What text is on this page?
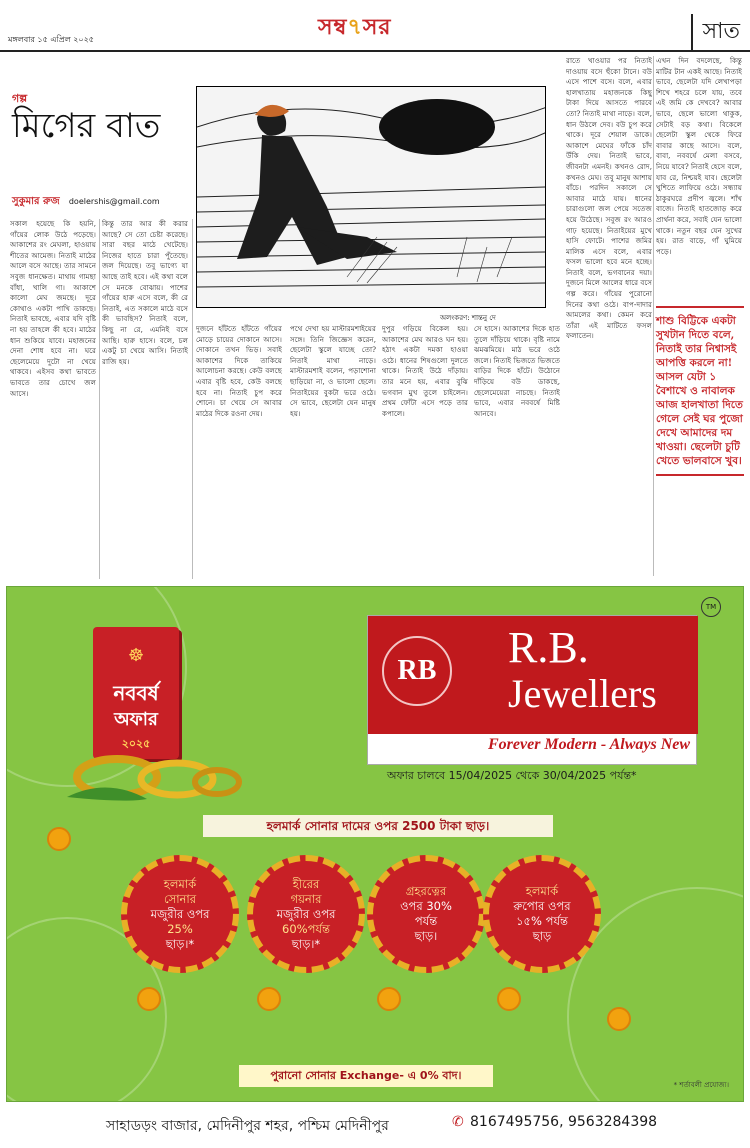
মঙ্গলবার ১৫ এপ্রিল ২০২৫	সম্ব৭সর	সাত
গল্প
মিগের বাত
সুকুমার রুজ doelershis@gmail.com
অলংকরণ: শান্তনু দে
সকাল হয়েছে কি হয়নি, গাঁয়ের লোক উঠে পড়েছে। আকাশের রং মেঘলা, হাওয়ায় শীতের আমেজ। নিতাই মাঠের আলে বসে আছে। তার সামনে সবুজ ধানক্ষেত। মাথায় গামছা বাঁধা, খালি গা। আকাশে কালো মেঘ জমছে। দূরে কোথাও একটা পাখি ডাকছে। নিতাই ভাবছে, এবার যদি বৃষ্টি না হয় তাহলে কী হবে। মাঠের ধান শুকিয়ে যাবে। মহাজনের দেনা শোধ হবে না। ঘরে ছেলেমেয়ে দুটো না খেয়ে থাকবে। এইসব কথা ভাবতে ভাবতে তার চোখে জল আসে।
কিন্তু তার আর কী করার আছে? সে তো চেষ্টা করেছে। সারা বছর মাঠে খেটেছে। নিজের হাতে চারা পুঁতেছে। জল দিয়েছে। তবু ভাগ্যে যা আছে তাই হবে। এই কথা বলে সে মনকে বোঝায়। পাশের গাঁয়ের হারু এসে বলে, কী রে নিতাই, এত সকালে মাঠে বসে কী ভাবছিস? নিতাই বলে, কিছু না রে, এমনিই বসে আছি। হারু হাসে। বলে, চল একটু চা খেয়ে আসি। নিতাই রাজি হয়।
দুজনে হাঁটতে হাঁটতে গাঁয়ের মোড়ে চায়ের দোকানে আসে। দোকানে তখন ভিড়। সবাই আকাশের দিকে তাকিয়ে আলোচনা করছে। কেউ বলছে এবার বৃষ্টি হবে, কেউ বলছে হবে না। নিতাই চুপ করে শোনে। চা খেয়ে সে আবার মাঠের দিকে রওনা দেয়।
পথে দেখা হয় মাস্টারমশাইয়ের সঙ্গে। তিনি জিজ্ঞেস করেন, ছেলেটা স্কুলে যাচ্ছে তো? নিতাই মাথা নাড়ে। মাস্টারমশাই বলেন, পড়াশোনা ছাড়িয়ো না, ও ভালো ছেলে। নিতাইয়ের বুকটা ভরে ওঠে। সে ভাবে, ছেলেটা যেন মানুষ হয়।
দুপুর গড়িয়ে বিকেল হয়। আকাশের মেঘ আরও ঘন হয়। হঠাৎ একটা দমকা হাওয়া ওঠে। ধানের শিষগুলো দুলতে থাকে। নিতাই উঠে দাঁড়ায়। তার মনে হয়, এবার বুঝি ভগবান মুখ তুলে চাইলেন। প্রথম ফোঁটা এসে পড়ে তার কপালে।
সে হাসে। আকাশের দিকে হাত তুলে দাঁড়িয়ে থাকে। বৃষ্টি নামে ঝমঝমিয়ে। মাঠ ভরে ওঠে জলে। নিতাই ভিজতে ভিজতে বাড়ির দিকে হাঁটে। উঠোনে দাঁড়িয়ে বউ ডাকছে, ছেলেমেয়েরা নাচছে। নিতাই ভাবে, এবার নববর্ষে মিষ্টি আনবে।
রাতে খাওয়ার পর নিতাই দাওয়ায় বসে হুঁকো টানে। বউ এসে পাশে বসে। বলে, এবার হালখাতায় মহাজনকে কিছু টাকা দিয়ে আসতে পারবে তো? নিতাই মাথা নাড়ে। বলে, ধান উঠলে দেব। বউ চুপ করে থাকে। দূরে শেয়াল ডাকে। আকাশে মেঘের ফাঁকে চাঁদ উঁকি দেয়। নিতাই ভাবে, জীবনটা এমনই। কখনও রোদ, কখনও মেঘ। তবু মানুষ আশায় বাঁচে। পরদিন সকালে সে আবার মাঠে যায়। ধানের চারাগুলো জল পেয়ে সতেজ হয়ে উঠেছে। সবুজ রং আরও গাঢ় হয়েছে। নিতাইয়ের মুখে হাসি ফোটে। পাশের জমির মালিক এসে বলে, এবার ফসল ভালো হবে মনে হচ্ছে। নিতাই বলে, ভগবানের দয়া। দুজনে মিলে আলের ধারে বসে গল্প করে। গাঁয়ের পুরোনো দিনের কথা ওঠে। বাপ-দাদার আমলের কথা। কেমন করে তাঁরা এই মাটিতে ফসল ফলাতেন।
এখন দিন বদলেছে, কিন্তু মাটির টান একই আছে। নিতাই ভাবে, ছেলেটা যদি লেখাপড়া শিখে শহরে চলে যায়, তবে এই জমি কে দেখবে? আবার ভাবে, ছেলে ভালো থাকুক, সেটাই বড় কথা। বিকেলে ছেলেটা স্কুল থেকে ফিরে বাবার কাছে আসে। বলে, বাবা, নববর্ষে মেলা বসবে, নিয়ে যাবে? নিতাই হেসে বলে, যাব রে, নিশ্চয়ই যাব। ছেলেটা খুশিতে লাফিয়ে ওঠে। সন্ধ্যায় ঠাকুরঘরে প্রদীপ জ্বলে। শাঁখ বাজে। নিতাই হাতজোড় করে প্রার্থনা করে, সবাই যেন ভালো থাকে। নতুন বছর যেন সুখের হয়। রাত বাড়ে, গাঁ ঘুমিয়ে পড়ে।
শাশু বিট্টিকে একটা সুখটান দিতে বলে, নিতাই তার নিশ্বাসই আপত্তি করলে না! আসল যেটা ১ বৈশাখে ও নাবালক আজ হালখাতা দিতে গেলে সেই ঘর পুজো দেখে আমাদের দম খাওয়া। ছেলেটা চুটি খেতে ভালবাসে খুব।
☸
নববর্ষ
অফার
২০২৫
RB	R.B.
Jewellers
Forever Modern - Always New
TM
অফার চালবে 15/04/2025 থেকে 30/04/2025 পর্যন্ত*
হলমার্ক সোনার দামের ওপর 2500 টাকা ছাড়।
হলমার্ক
সোনার
মজুরীর ওপর
25%
ছাড়।*
হীরের
গয়নার
মজুরীর ওপর
60%পর্যন্ত
ছাড়।*
গ্রহরত্নের
ওপর 30%
পর্যন্ত
ছাড়।
হলমার্ক
রুপোর ওপর
১৫% পর্যন্ত
ছাড়
পুরানো সোনার Exchange- এ 0% বাদ।
* শর্তাবলী প্রযোজ্য।
সাহাডড়ং বাজার, মেদিনীপুর শহর, পশ্চিম মেদিনীপুর	✆ 8167495756, 9563284398
